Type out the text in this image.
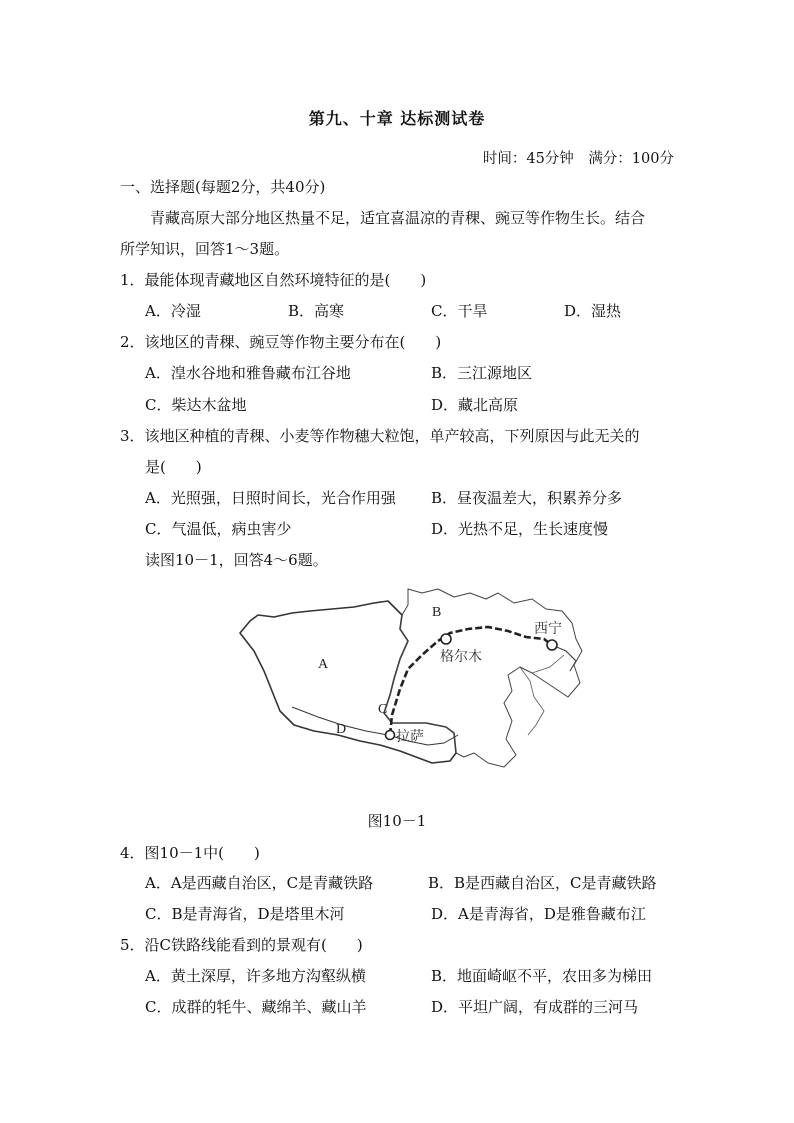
第九、十章 达标测试卷
时间：45分钟　 满分：100分
一、选择题(每题2分，共40分)
青藏高原大部分地区热量不足，适宜喜温凉的青稞、豌豆等作物生长。结合
所学知识，回答1～3题。
1．最能体现青藏地区自然环境特征的是(　　)
A．冷湿	B．高寒	C．干旱	D．湿热
2．该地区的青稞、豌豆等作物主要分布在(　　)
A．湟水谷地和雅鲁藏布江谷地	B．三江源地区
C．柴达木盆地	D．藏北高原
3．该地区种植的青稞、小麦等作物穗大粒饱，单产较高，下列原因与此无关的
是(　　)
A．光照强，日照时间长，光合作用强 B．昼夜温差大，积累养分多
C．气温低，病虫害少	D．光热不足，生长速度慢
读图10－1，回答4～6题。
A
B
C
D
西宁
格尔木
拉萨
图10－1
4．图10－1中(　　)
A．A是西藏自治区，C是青藏铁路	B．B是西藏自治区，C是青藏铁路
C．B是青海省，D是塔里木河	D．A是青海省，D是雅鲁藏布江
5．沿C铁路线能看到的景观有(　　)
A．黄土深厚，许多地方沟壑纵横	B．地面崎岖不平，农田多为梯田
C．成群的牦牛、藏绵羊、藏山羊	D．平坦广阔，有成群的三河马
